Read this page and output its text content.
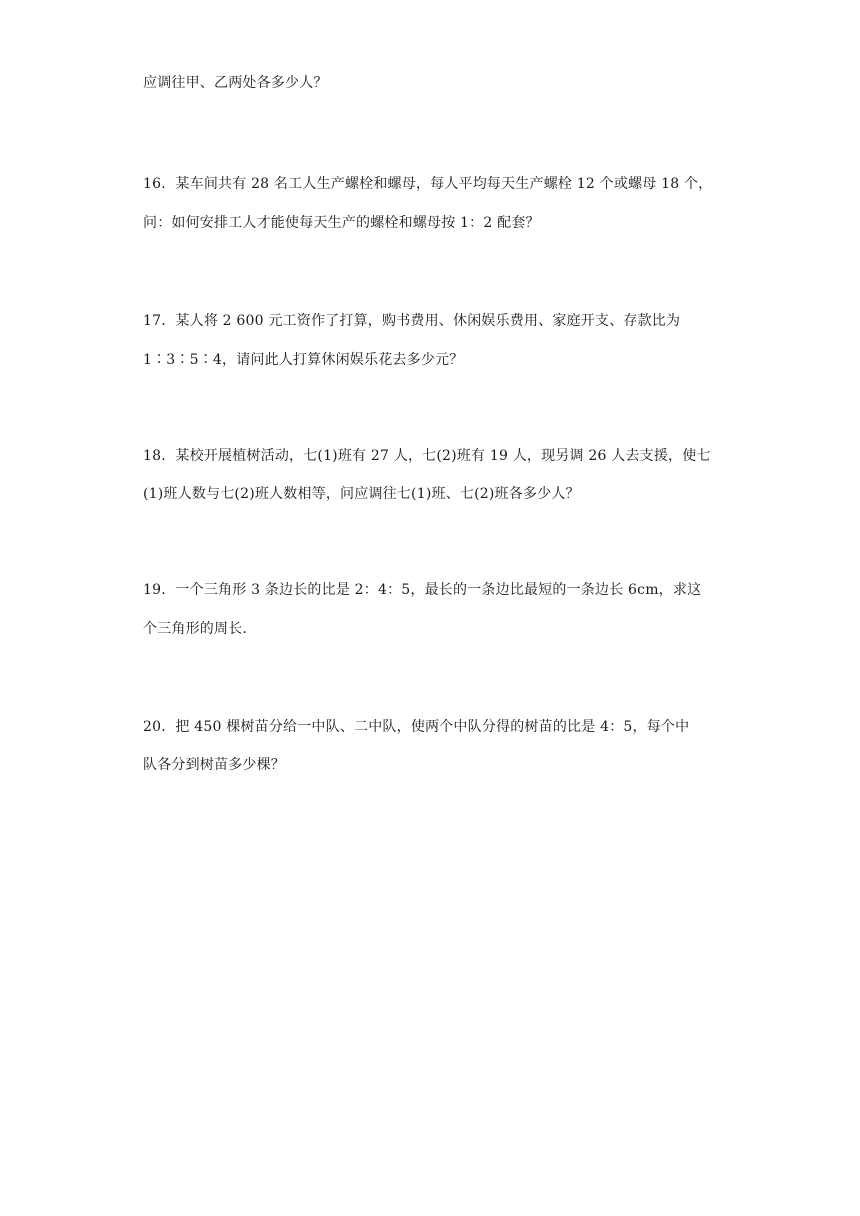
应调往甲、乙两处各多少人？
16．某车间共有 28 名工人生产螺栓和螺母，每人平均每天生产螺栓 12 个或螺母 18 个，
问：如何安排工人才能使每天生产的螺栓和螺母按 1：2 配套？
17．某人将 2 600 元工资作了打算，购书费用、休闲娱乐费用、家庭开支、存款比为
1∶3∶5∶4，请问此人打算休闲娱乐花去多少元？
18．某校开展植树活动，七(1)班有 27 人，七(2)班有 19 人，现另调 26 人去支援，使七
(1)班人数与七(2)班人数相等，问应调往七(1)班、七(2)班各多少人？
19．一个三角形 3 条边长的比是 2：4：5，最长的一条边比最短的一条边长 6cm，求这
个三角形的周长.
20．把 450 棵树苗分给一中队、二中队，使两个中队分得的树苗的比是 4：5，每个中
队各分到树苗多少棵？
